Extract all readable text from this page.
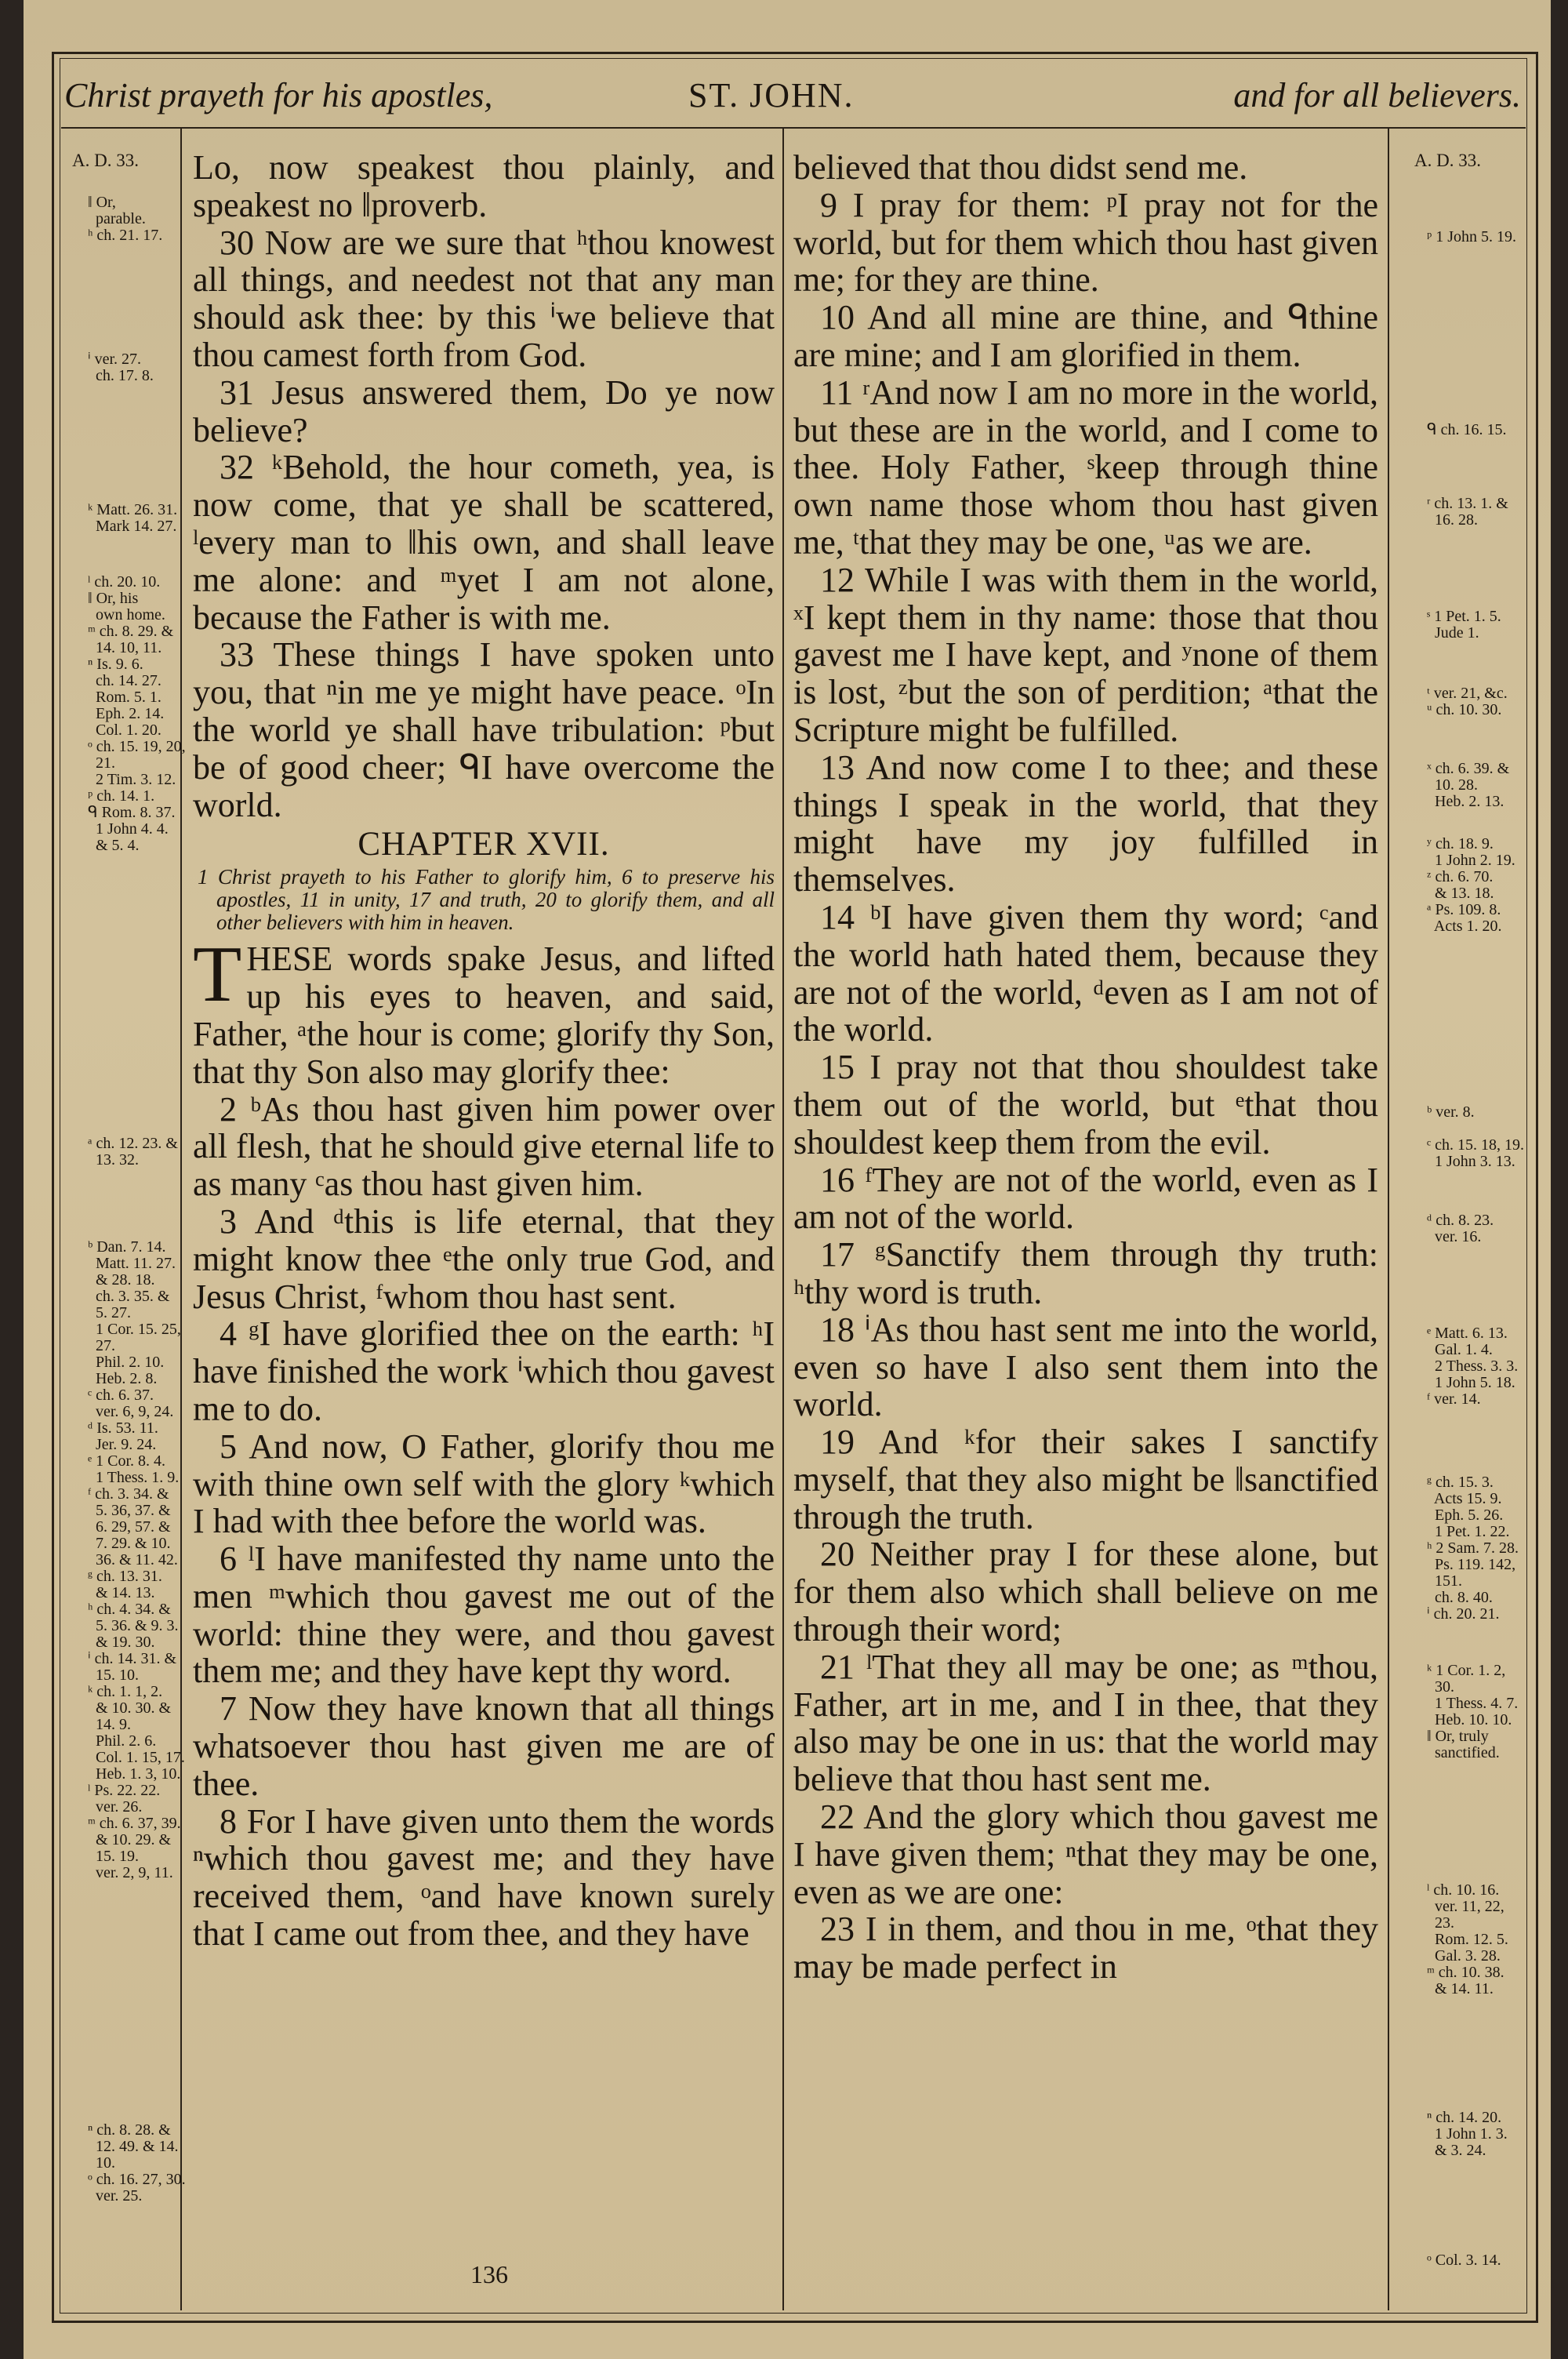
Christ prayeth for his apostles,	ST. JOHN.	and for all believers.
A. D. 33.	A. D. 33.
‖ Or,
parable.
ʰ ch. 21. 17.
ⁱ ver. 27.
ch. 17. 8.
ᵏ Matt. 26. 31.
Mark 14. 27.
ˡ ch. 20. 10.
‖ Or, his
own home.
ᵐ ch. 8. 29. &
14. 10, 11.
ⁿ Is. 9. 6.
ch. 14. 27.
Rom. 5. 1.
Eph. 2. 14.
Col. 1. 20.
ᵒ ch. 15. 19, 20,
21.
2 Tim. 3. 12.
ᵖ ch. 14. 1.
ᑫ Rom. 8. 37.
1 John 4. 4.
& 5. 4.
ᵃ ch. 12. 23. &
13. 32.
ᵇ Dan. 7. 14.
Matt. 11. 27.
& 28. 18.
ch. 3. 35. &
5. 27.
1 Cor. 15. 25,
27.
Phil. 2. 10.
Heb. 2. 8.
ᶜ ch. 6. 37.
ver. 6, 9, 24.
ᵈ Is. 53. 11.
Jer. 9. 24.
ᵉ 1 Cor. 8. 4.
1 Thess. 1. 9.
ᶠ ch. 3. 34. &
5. 36, 37. &
6. 29, 57. &
7. 29. & 10.
36. & 11. 42.
ᵍ ch. 13. 31.
& 14. 13.
ʰ ch. 4. 34. &
5. 36. & 9. 3.
& 19. 30.
ⁱ ch. 14. 31. &
15. 10.
ᵏ ch. 1. 1, 2.
& 10. 30. &
14. 9.
Phil. 2. 6.
Col. 1. 15, 17.
Heb. 1. 3, 10.
ˡ Ps. 22. 22.
ver. 26.
ᵐ ch. 6. 37, 39.
& 10. 29. &
15. 19.
ver. 2, 9, 11.
ⁿ ch. 8. 28. &
12. 49. & 14.
10.
ᵒ ch. 16. 27, 30.
ver. 25.
ᵖ 1 John 5. 19.
ᑫ ch. 16. 15.
ʳ ch. 13. 1. &
16. 28.
ˢ 1 Pet. 1. 5.
Jude 1.
ᵗ ver. 21, &c.
ᵘ ch. 10. 30.
ˣ ch. 6. 39. &
10. 28.
Heb. 2. 13.
ʸ ch. 18. 9.
1 John 2. 19.
ᶻ ch. 6. 70.
& 13. 18.
ᵃ Ps. 109. 8.
Acts 1. 20.
ᵇ ver. 8.
ᶜ ch. 15. 18, 19.
1 John 3. 13.
ᵈ ch. 8. 23.
ver. 16.
ᵉ Matt. 6. 13.
Gal. 1. 4.
2 Thess. 3. 3.
1 John 5. 18.
ᶠ ver. 14.
ᵍ ch. 15. 3.
Acts 15. 9.
Eph. 5. 26.
1 Pet. 1. 22.
ʰ 2 Sam. 7. 28.
Ps. 119. 142,
151.
ch. 8. 40.
ⁱ ch. 20. 21.
ᵏ 1 Cor. 1. 2,
30.
1 Thess. 4. 7.
Heb. 10. 10.
‖ Or, truly
sanctified.
ˡ ch. 10. 16.
ver. 11, 22,
23.
Rom. 12. 5.
Gal. 3. 28.
ᵐ ch. 10. 38.
& 14. 11.
ⁿ ch. 14. 20.
1 John 1. 3.
& 3. 24.
ᵒ Col. 3. 14.

Lo, now speakest thou plainly, and speakest no ‖proverb.

30 Now are we sure that ʰthou knowest all things, and needest not that any man should ask thee: by this ⁱwe believe that thou camest forth from God.

31 Jesus answered them, Do ye now believe?

32 ᵏBehold, the hour cometh, yea, is now come, that ye shall be scattered, ˡevery man to ‖his own, and shall leave me alone: and ᵐyet I am not alone, because the Father is with me.

33 These things I have spoken unto you, that ⁿin me ye might have peace. ᵒIn the world ye shall have tribulation: ᵖbut be of good cheer; ᑫI have overcome the world.

CHAPTER XVII.
1 Christ prayeth to his Father to glorify him, 6 to preserve his apostles, 11 in unity, 17 and truth, 20 to glorify them, and all other believers with him in heaven.
T HESE words spake Jesus, and lifted up his eyes to heaven, and said, Father, ᵃthe hour is come; glorify thy Son, that thy Son also may glorify thee:

2 ᵇAs thou hast given him power over all flesh, that he should give eternal life to as many ᶜas thou hast given him.

3 And ᵈthis is life eternal, that they might know thee ᵉthe only true God, and Jesus Christ, ᶠwhom thou hast sent.

4 ᵍI have glorified thee on the earth: ʰI have finished the work ⁱwhich thou gavest me to do.

5 And now, O Father, glorify thou me with thine own self with the glory ᵏwhich I had with thee before the world was.

6 ˡI have manifested thy name unto the men ᵐwhich thou gavest me out of the world: thine they were, and thou gavest them me; and they have kept thy word.

7 Now they have known that all things whatsoever thou hast given me are of thee.

8 For I have given unto them the words ⁿwhich thou gavest me; and they have received them, ᵒand have known surely that I came out from thee, and they have

believed that thou didst send me.

9 I pray for them: ᵖI pray not for the world, but for them which thou hast given me; for they are thine.

10 And all mine are thine, and ᑫthine are mine; and I am glorified in them.

11 ʳAnd now I am no more in the world, but these are in the world, and I come to thee. Holy Father, ˢkeep through thine own name those whom thou hast given me, ᵗthat they may be one, ᵘas we are.

12 While I was with them in the world, ˣI kept them in thy name: those that thou gavest me I have kept, and ʸnone of them is lost, ᶻbut the son of perdition; ᵃthat the Scripture might be fulfilled.

13 And now come I to thee; and these things I speak in the world, that they might have my joy fulfilled in themselves.

14 ᵇI have given them thy word; ᶜand the world hath hated them, because they are not of the world, ᵈeven as I am not of the world.

15 I pray not that thou shouldest take them out of the world, but ᵉthat thou shouldest keep them from the evil.

16 ᶠThey are not of the world, even as I am not of the world.

17 ᵍSanctify them through thy truth: ʰthy word is truth.

18 ⁱAs thou hast sent me into the world, even so have I also sent them into the world.

19 And ᵏfor their sakes I sanctify myself, that they also might be ‖sanctified through the truth.

20 Neither pray I for these alone, but for them also which shall believe on me through their word;

21 ˡThat they all may be one; as ᵐthou, Father, art in me, and I in thee, that they also may be one in us: that the world may believe that thou hast sent me.

22 And the glory which thou gavest me I have given them; ⁿthat they may be one, even as we are one:

23 I in them, and thou in me, ᵒthat they may be made perfect in

136
